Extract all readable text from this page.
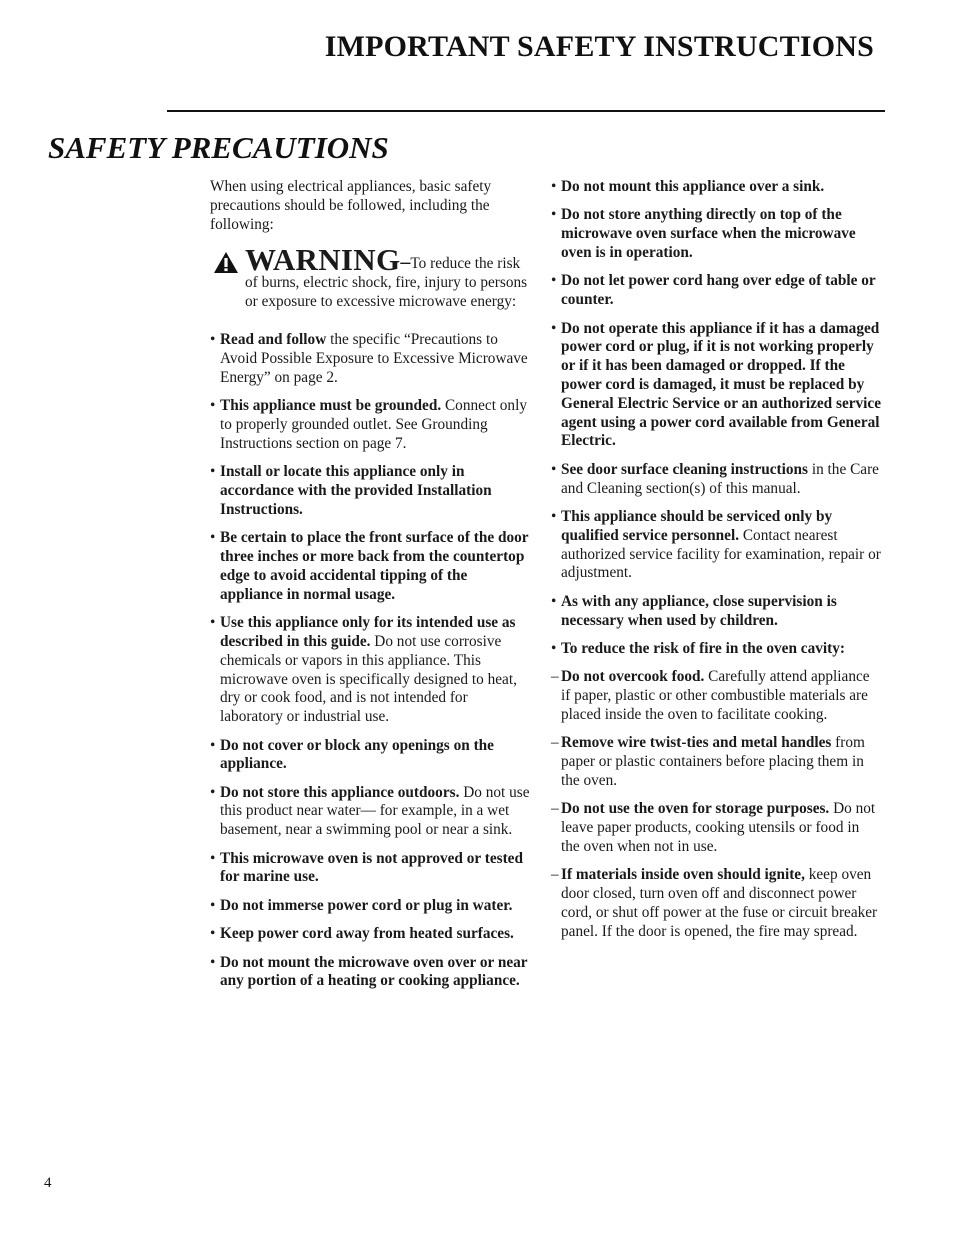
IMPORTANT SAFETY INSTRUCTIONS
SAFETY PRECAUTIONS

When using electrical appliances, basic safety precautions should be followed, including the following:

WARNING–To reduce the risk of burns, electric shock, fire, injury to persons or exposure to excessive microwave energy:
• Read and follow the specific “Precautions to Avoid Possible Exposure to Excessive Microwave Energy” on page 2.
• This appliance must be grounded. Connect only to properly grounded outlet. See Grounding Instructions section on page 7.
• Install or locate this appliance only in accordance with the provided Installation Instructions.
• Be certain to place the front surface of the door three inches or more back from the countertop edge to avoid accidental tipping of the appliance in normal usage.
• Use this appliance only for its intended use as described in this guide. Do not use corrosive chemicals or vapors in this appliance. This microwave oven is specifically designed to heat, dry or cook food, and is not intended for laboratory or industrial use.
• Do not cover or block any openings on the appliance.
• Do not store this appliance outdoors. Do not use this product near water— for example, in a wet basement, near a swimming pool or near a sink.
• This microwave oven is not approved or tested for marine use.
• Do not immerse power cord or plug in water.
• Keep power cord away from heated surfaces.
• Do not mount the microwave oven over or near any portion of a heating or cooking appliance.
• Do not mount this appliance over a sink.
• Do not store anything directly on top of the microwave oven surface when the microwave oven is in operation.
• Do not let power cord hang over edge of table or counter.
• Do not operate this appliance if it has a damaged power cord or plug, if it is not working properly or if it has been damaged or dropped. If the power cord is damaged, it must be replaced by General Electric Service or an authorized service agent using a power cord available from General Electric.
• See door surface cleaning instructions in the Care and Cleaning section(s) of this manual.
• This appliance should be serviced only by qualified service personnel. Contact nearest authorized service facility for examination, repair or adjustment.
• As with any appliance, close supervision is necessary when used by children.
• To reduce the risk of fire in the oven cavity:
– Do not overcook food. Carefully attend appliance if paper, plastic or other combustible materials are placed inside the oven to facilitate cooking.
– Remove wire twist-ties and metal handles from paper or plastic containers before placing them in the oven.
– Do not use the oven for storage purposes. Do not leave paper products, cooking utensils or food in the oven when not in use.
– If materials inside oven should ignite, keep oven door closed, turn oven off and disconnect power cord, or shut off power at the fuse or circuit breaker panel. If the door is opened, the fire may spread.
4
